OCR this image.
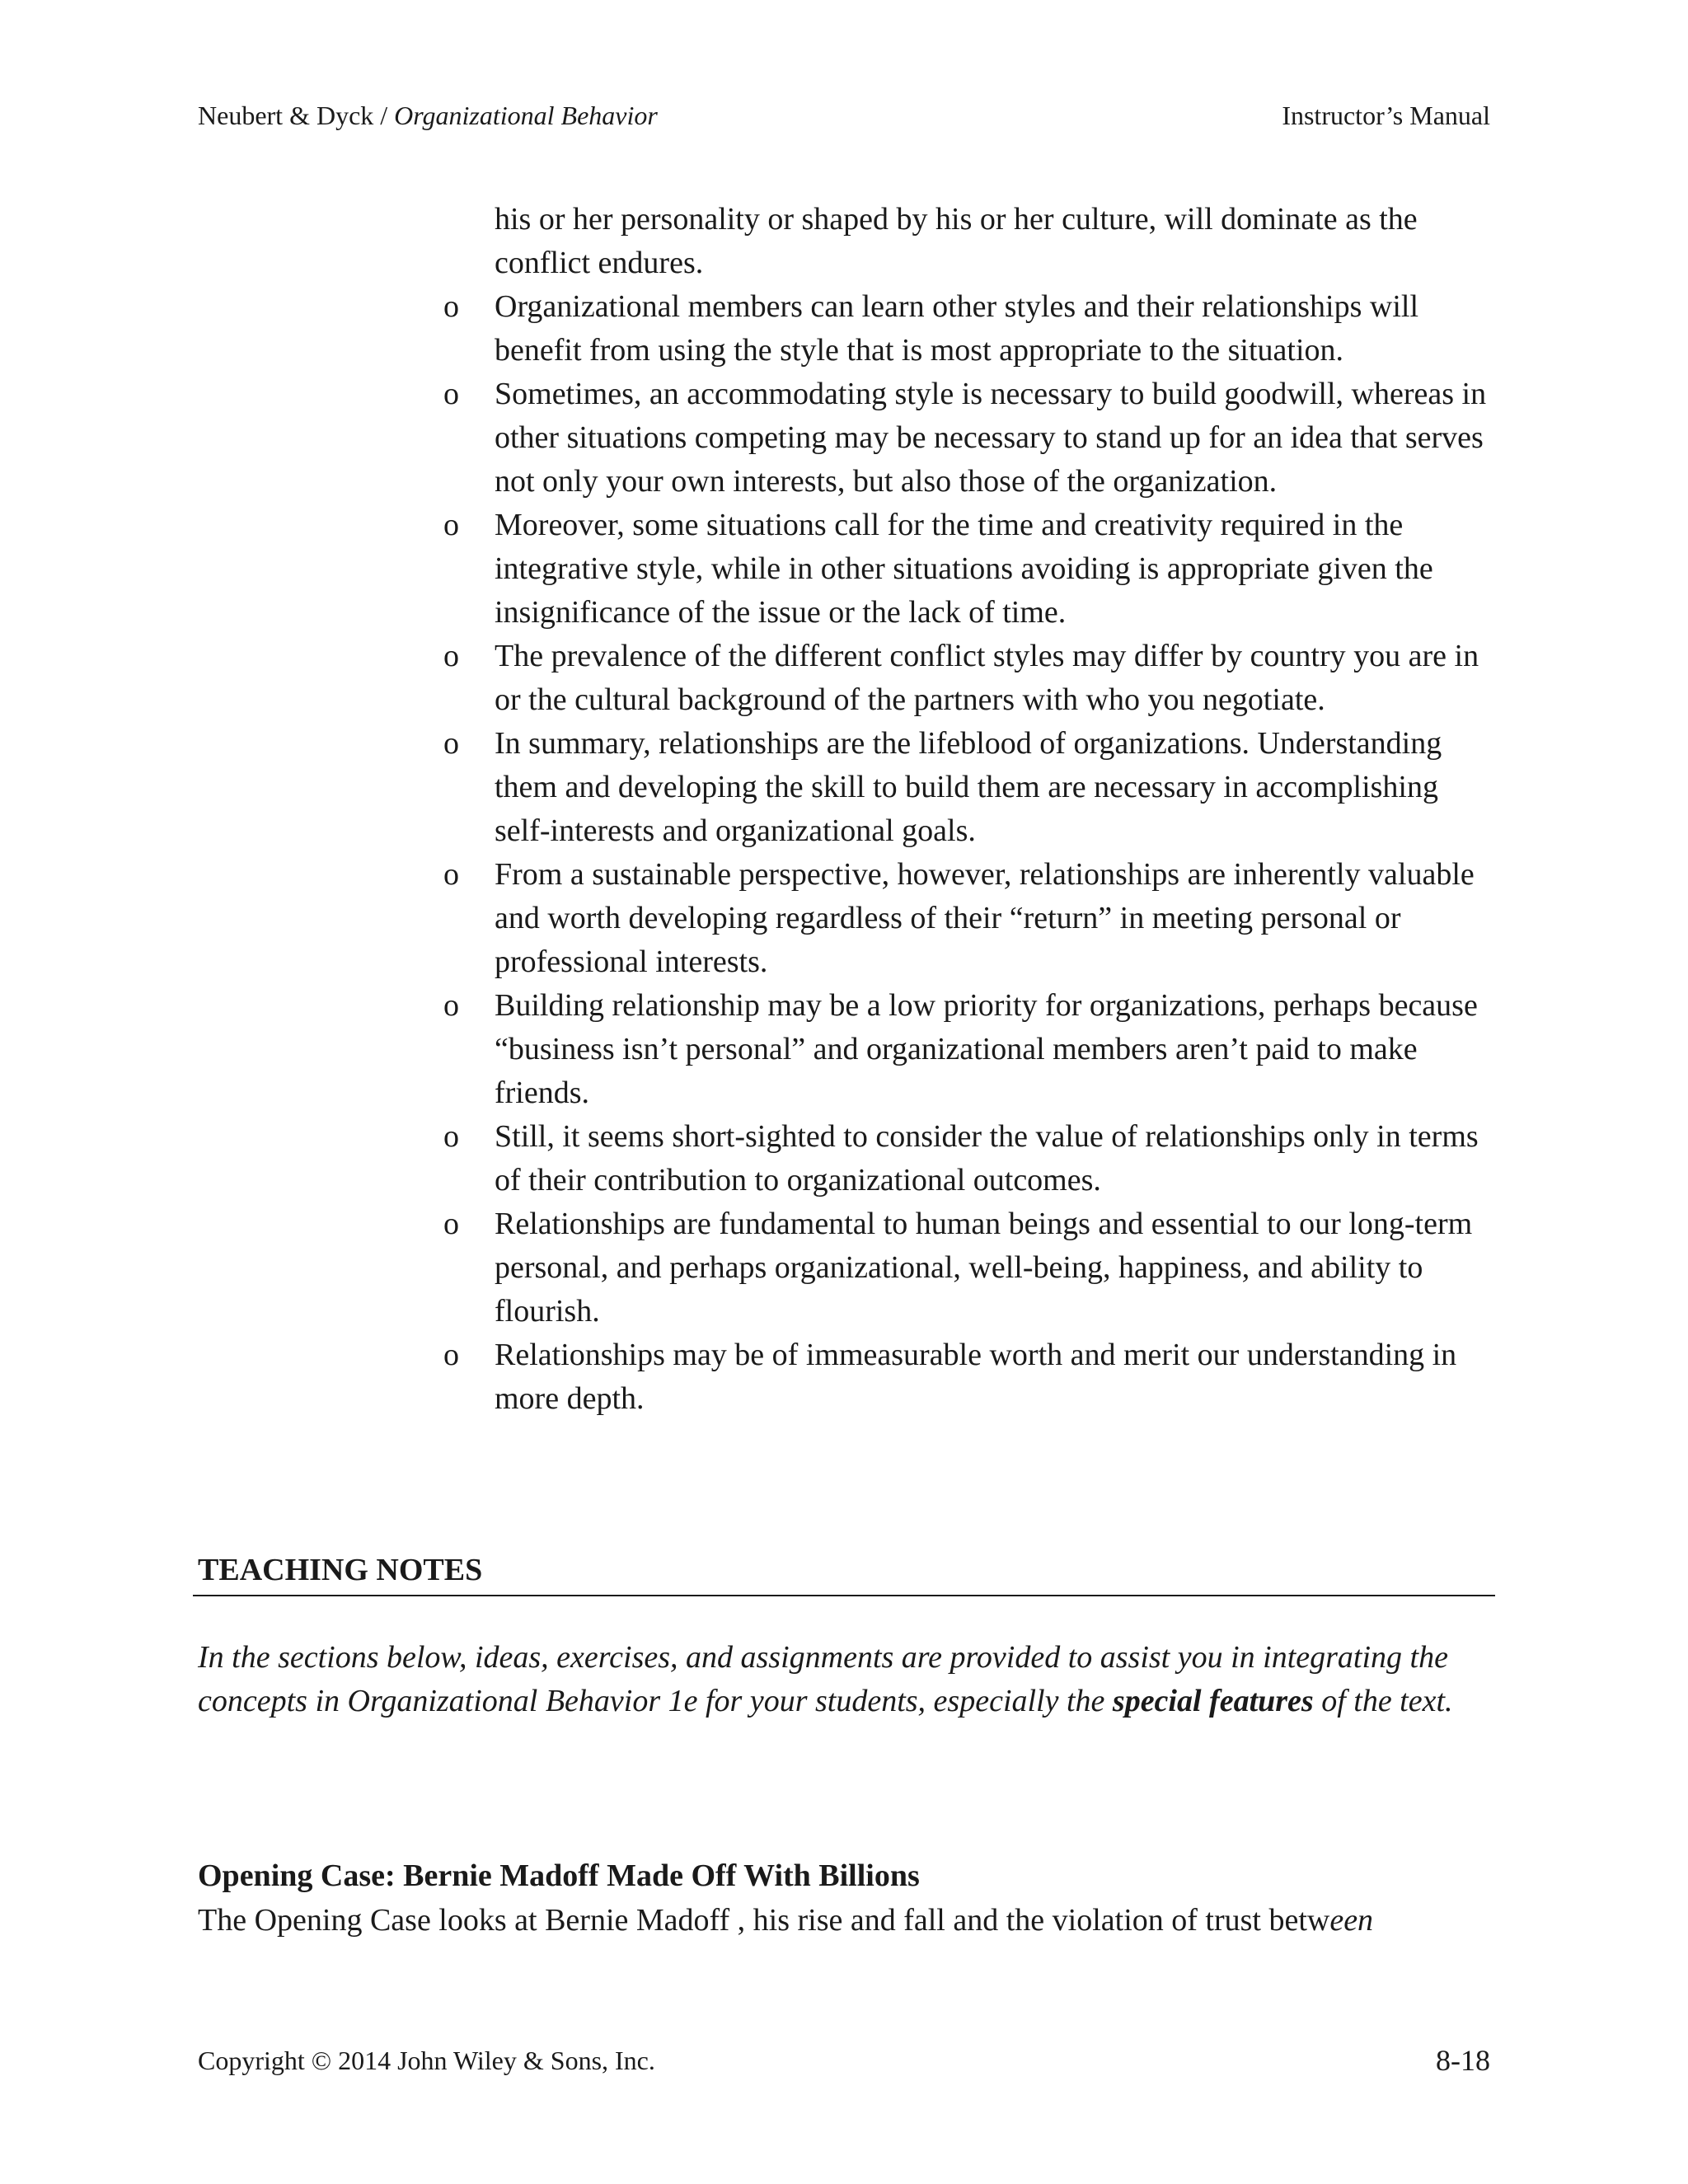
Neubert & Dyck / Organizational Behavior	Instructor’s Manual
his or her personality or shaped by his or her culture, will dominate as the conflict endures.
o	Organizational members can learn other styles and their relationships will benefit from using the style that is most appropriate to the situation.
o	Sometimes, an accommodating style is necessary to build goodwill, whereas in other situations competing may be necessary to stand up for an idea that serves not only your own interests, but also those of the organization.
o	Moreover, some situations call for the time and creativity required in the integrative style, while in other situations avoiding is appropriate given the insignificance of the issue or the lack of time.
o	The prevalence of the different conflict styles may differ by country you are in or the cultural background of the partners with who you negotiate.
o	In summary, relationships are the lifeblood of organizations. Understanding them and developing the skill to build them are necessary in accomplishing self-interests and organizational goals.
o	From a sustainable perspective, however, relationships are inherently valuable and worth developing regardless of their “return” in meeting personal or professional interests.
o	Building relationship may be a low priority for organizations, perhaps because “business isn’t personal” and organizational members aren’t paid to make friends.
o	Still, it seems short-sighted to consider the value of relationships only in terms of their contribution to organizational outcomes.
o	Relationships are fundamental to human beings and essential to our long-term personal, and perhaps organizational, well-being, happiness, and ability to flourish.
o	Relationships may be of immeasurable worth and merit our understanding in more depth.
TEACHING NOTES
In the sections below, ideas, exercises, and assignments are provided to assist you in integrating the concepts in Organizational Behavior 1e for your students, especially the special features of the text.
Opening Case: Bernie Madoff Made Off With Billions
The Opening Case looks at Bernie Madoff , his rise and fall and the violation of trust between
Copyright © 2014 John Wiley & Sons, Inc.	8-18
